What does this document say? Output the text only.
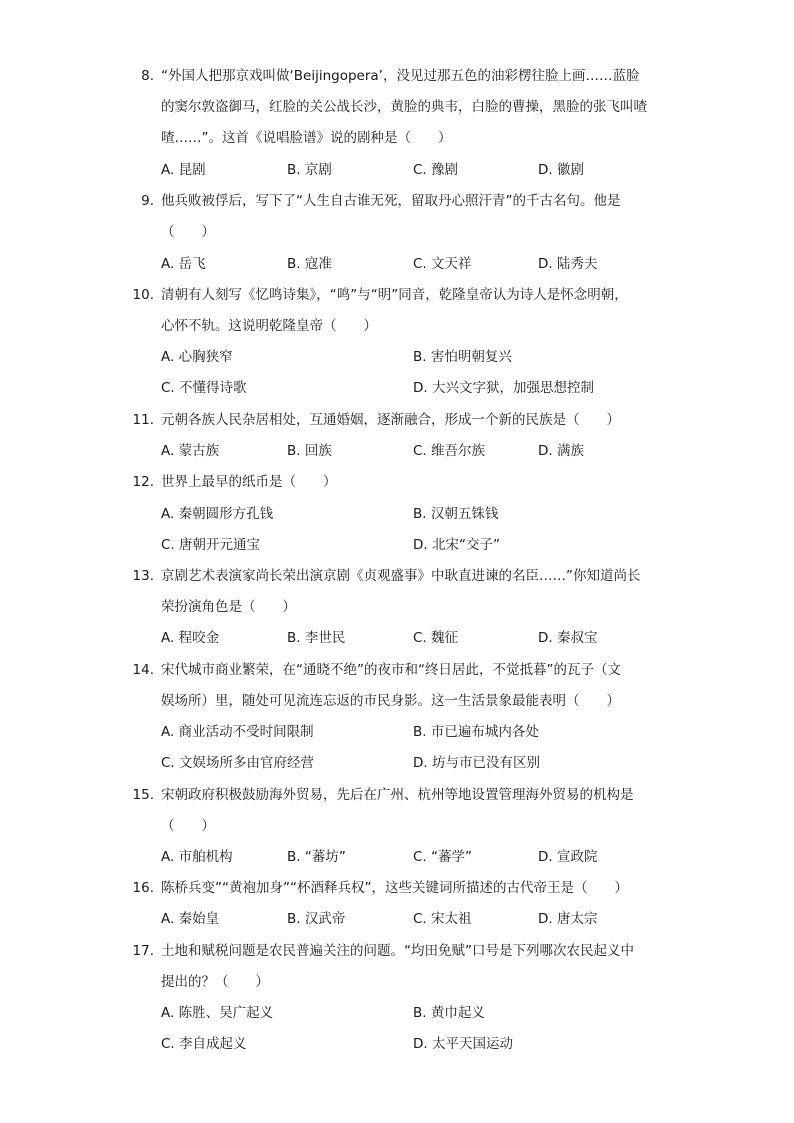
8. “外国人把那京戏叫做‘Beijingopera’，没见过那五色的油彩楞往脸上画……蓝脸
的窦尔敦盗御马，红脸的关公战长沙，黄脸的典韦，白脸的曹操，黑脸的张飞叫喳
喳……”。这首《说唱脸谱》说的剧种是（　　）
A. 昆剧	B. 京剧	C. 豫剧	D. 徽剧
9. 他兵败被俘后，写下了“人生自古谁无死，留取丹心照汗青”的千古名句。他是
（　　）
A. 岳飞	B. 寇准	C. 文天祥	D. 陆秀夫
10. 清朝有人刻写《忆鸣诗集》，“鸣”与“明”同音，乾隆皇帝认为诗人是怀念明朝，
心怀不轨。这说明乾隆皇帝（　　）
A. 心胸狭窄	B. 害怕明朝复兴
C. 不懂得诗歌	D. 大兴文字狱，加强思想控制
11. 元朝各族人民杂居相处，互通婚姻，逐渐融合，形成一个新的民族是（　　）
A. 蒙古族	B. 回族	C. 维吾尔族	D. 满族
12. 世界上最早的纸币是（　　）
A. 秦朝圆形方孔钱	B. 汉朝五铢钱
C. 唐朝开元通宝	D. 北宋“交子”
13. 京剧艺术表演家尚长荣出演京剧《贞观盛事》中耿直进谏的名臣……”你知道尚长
荣扮演角色是（　　）
A. 程咬金	B. 李世民	C. 魏征	D. 秦叔宝
14. 宋代城市商业繁荣，在“通晓不绝”的夜市和“终日居此，不觉抵暮”的瓦子（文
娱场所）里，随处可见流连忘返的市民身影。这一生活景象最能表明（　　）
A. 商业活动不受时间限制	B. 市已遍布城内各处
C. 文娱场所多由官府经营	D. 坊与市已没有区别
15. 宋朝政府积极鼓励海外贸易，先后在广州、杭州等地设置管理海外贸易的机构是
（　　）
A. 市舶机构	B. “蕃坊”	C. “蕃学”	D. 宣政院
16. 陈桥兵变”“黄袍加身”“杯酒释兵权”，这些关键词所描述的古代帝王是（　　）
A. 秦始皇	B. 汉武帝	C. 宋太祖	D. 唐太宗
17. 土地和赋税问题是农民普遍关注的问题。“均田免赋”口号是下列哪次农民起义中
提出的？（　　）
A. 陈胜、吴广起义	B. 黄巾起义
C. 李自成起义	D. 太平天国运动
